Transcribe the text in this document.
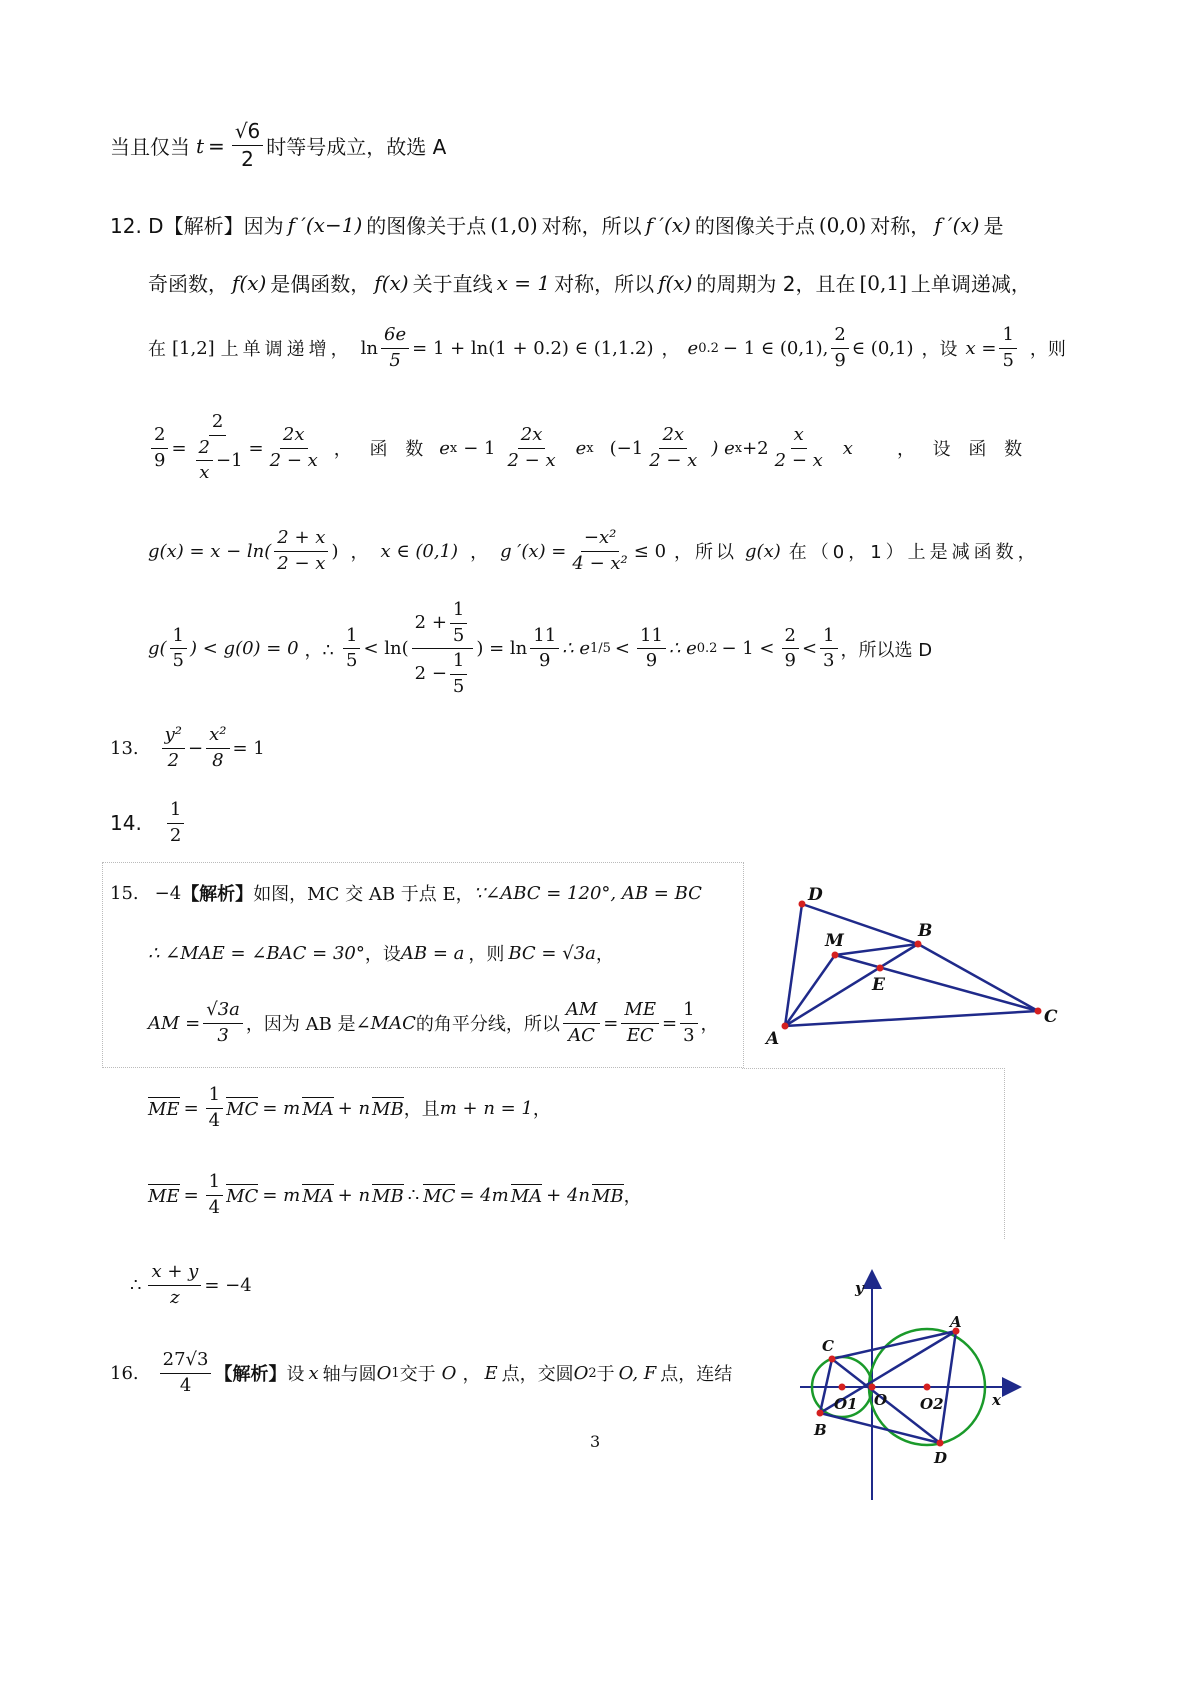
当且仅当 $t = \frac{√6}{2}$ 时等号成立，故选 A
12. D【解析】因为 f ′(x−1) 的图像关于点 (1,0) 对称，所以 f ′(x) 的图像关于点 (0,0) 对称， f ′(x) 是
奇函数， f(x) 是偶函数， f(x) 关于直线 x = 1 对称，所以 f(x) 的周期为 2，且在 [0,1] 上单调递减，
在 [1,2] 上单调递增， $\ln \frac{6e}{5} = 1 + \ln(1 + 0.2)$ ∈ (1,1.2) ， e 0.2 − 1 ∈ (0,1), $\frac{2}{9}$ ∈ (0,1) ，设 $x = \frac{1}{5}$ ，则
$\frac{2}{9} = \frac{2}{\frac{2}{x} -1} = \frac{2x}{2 - x}$ ， 函 数 e $x - 1 \frac{2x}{2 - x}$ e x ($-1 \frac{2x}{2 - x}$ ) e $x +2 \frac{x}{2 - x}$ x ， 设 函 数
$g(x) = x - \ln( \frac{2 + x}{2 - x}$ ) ， x ∈ (0,1) ， g $'(x) = \frac{\text{−x²}}{\text{4 − x²}} \le 0$ ，所以 g(x) 在（0，1）上是减函数，
$g( \frac{1}{5}$ ) < g(0) = 0 ，∴ $\frac{1}{5} < \ln( \frac{2 + \frac{1}{5}}{2 - \frac{1}{5}}$ ) = $\ln \frac{11}{9}$ ∴ e $1/5 < \frac{11}{9}$ ∴ e $0.2 - 1 < \frac{2}{9} < \frac{1}{3}$ ，所以选 D
13. $\frac{\text{y²}}{2} - \frac{\text{x²}}{8} = 1$
14. $\frac{1}{2}$
15. −4 【解析】 如图，MC 交 AB 于点 E， ∵∠ABC = 120°, AB = BC
∴ ∠MAE = ∠BAC = 30° ，设 AB = a ，则 BC = √3a ，
AM = $\frac{√3a}{3}$ ，因为 AB 是 ∠MAC 的角平分线，所以 $\frac{AM}{AC} = \frac{ME}{EC} = \frac{1}{3}$ ，
ME = $\frac{1}{4}$ MC = m MA + n MB ，且 m + n = 1 ，
ME = $\frac{1}{4}$ MC = m MA + n MB ∴ MC = 4m MA + 4n MB ，
∴ $\frac{x + y}{z} = -4$
D
B
M
E
C
A
16. $\frac{27√3}{4}$ 【解析】 设 x 轴与圆 O 1 交于 O ， E 点，交圆 O 2 于 O, F 点，连结
y
C
A
O1 O O2	x
B
D
3
